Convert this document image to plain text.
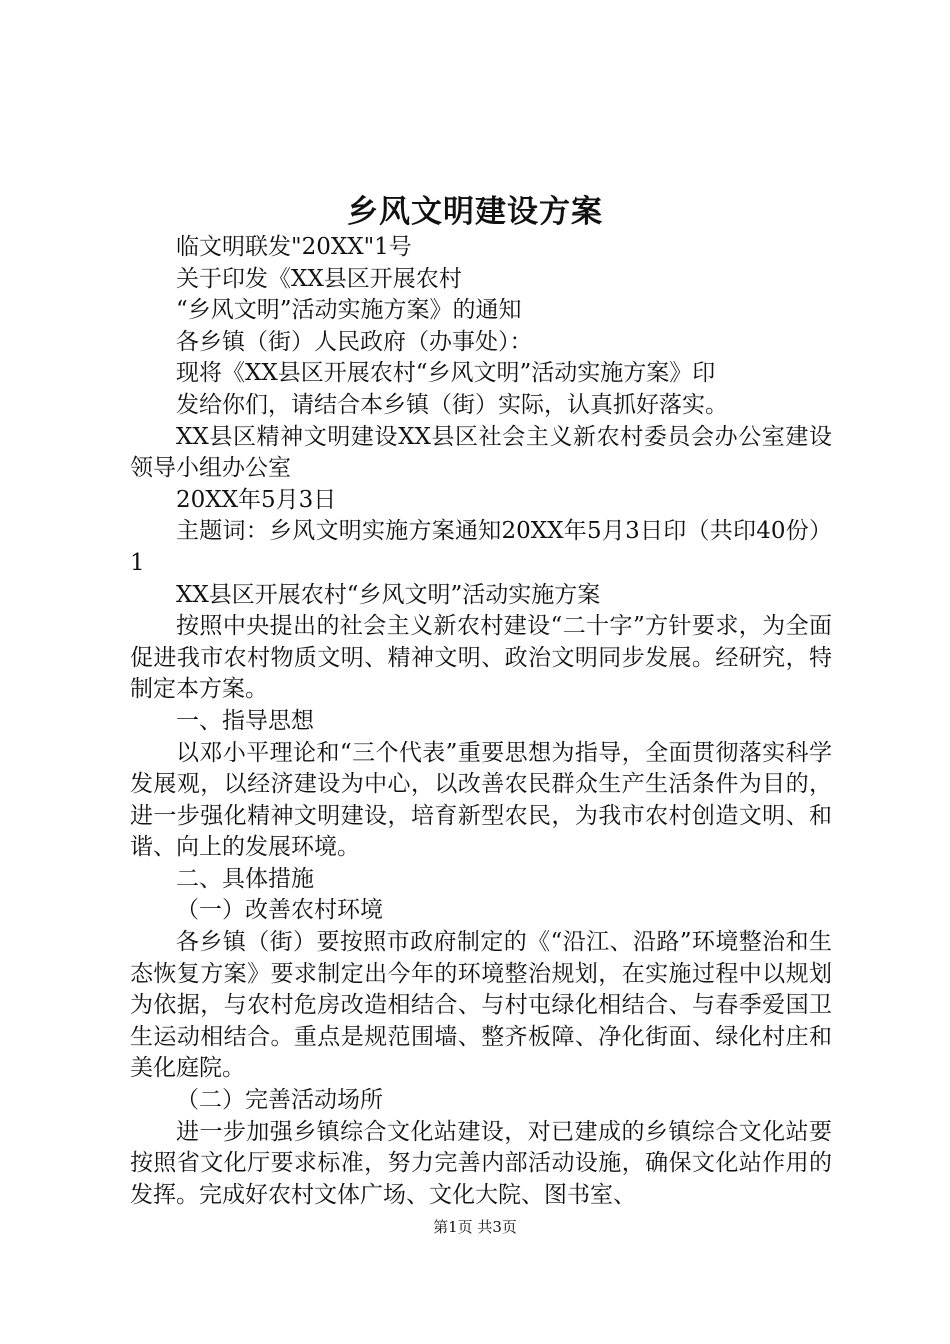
乡风文明建设方案

临文明联发"20XX"1号

关于印发《XX县区开展农村

“乡风文明”活动实施方案》的通知

各乡镇（街）人民政府（办事处）：

现将《XX县区开展农村“乡风文明”活动实施方案》印

发给你们，请结合本乡镇（街）实际，认真抓好落实。

XX县区精神文明建设XX县区社会主义新农村委员会办公室建设领导小组办公室

20XX年5月3日

主题词：乡风文明实施方案通知20XX年5月3日印（共印40份）1

XX县区开展农村“乡风文明”活动实施方案

按照中央提出的社会主义新农村建设“二十字”方针要求，为全面促进我市农村物质文明、精神文明、政治文明同步发展。经研究，特制定本方案。

一、指导思想

以邓小平理论和“三个代表”重要思想为指导，全面贯彻落实科学发展观，以经济建设为中心，以改善农民群众生产生活条件为目的，进一步强化精神文明建设，培育新型农民，为我市农村创造文明、和谐、向上的发展环境。

二、具体措施

（一）改善农村环境

各乡镇（街）要按照市政府制定的《“沿江、沿路”环境整治和生态恢复方案》要求制定出今年的环境整治规划，在实施过程中以规划为依据，与农村危房改造相结合、与村屯绿化相结合、与春季爱国卫生运动相结合。重点是规范围墙、整齐板障、净化街面、绿化村庄和美化庭院。

（二）完善活动场所

进一步加强乡镇综合文化站建设，对已建成的乡镇综合文化站要按照省文化厅要求标准，努力完善内部活动设施，确保文化站作用的发挥。完成好农村文体广场、文化大院、图书室、

第1页 共3页
